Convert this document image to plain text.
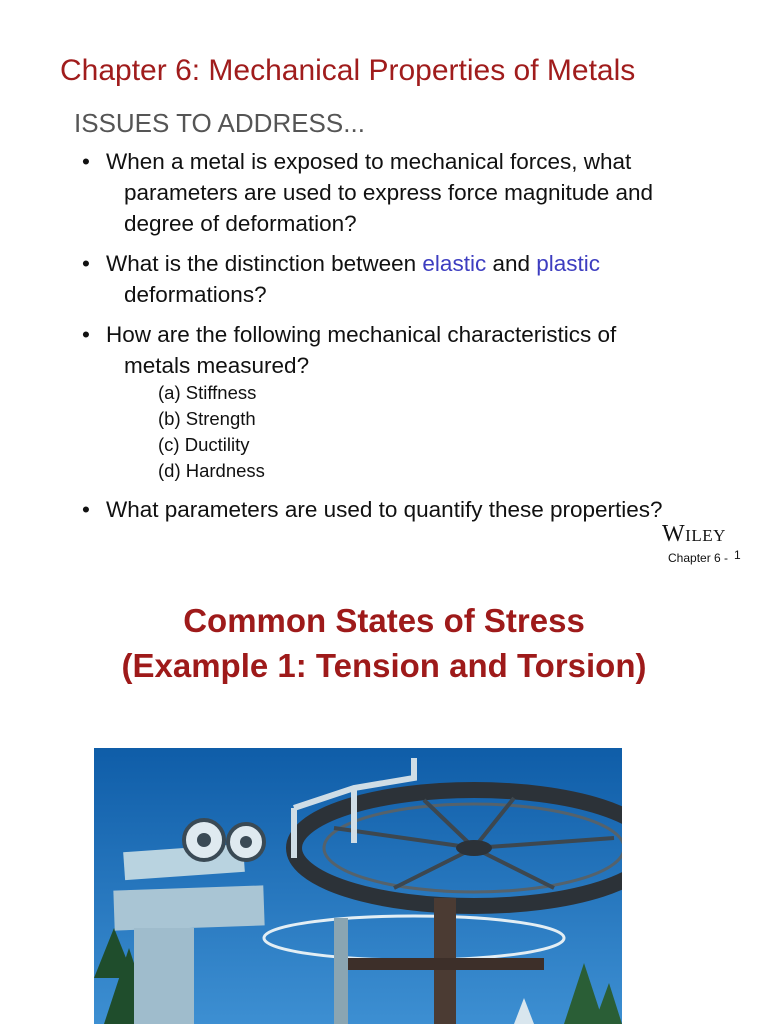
Chapter 6: Mechanical Properties of Metals
ISSUES TO ADDRESS...
• When a metal is exposed to mechanical forces, what
parameters are used to express force magnitude and
degree of deformation?
• What is the distinction between elastic and plastic
deformations?
• How are the following mechanical characteristics of
metals measured?
(a) Stiffness
(b) Strength
(c) Ductility
(d) Hardness
• What parameters are used to quantify these properties?
Wiley
Chapter 6 - 1
Common States of Stress
(Example 1: Tension and Torsion)
